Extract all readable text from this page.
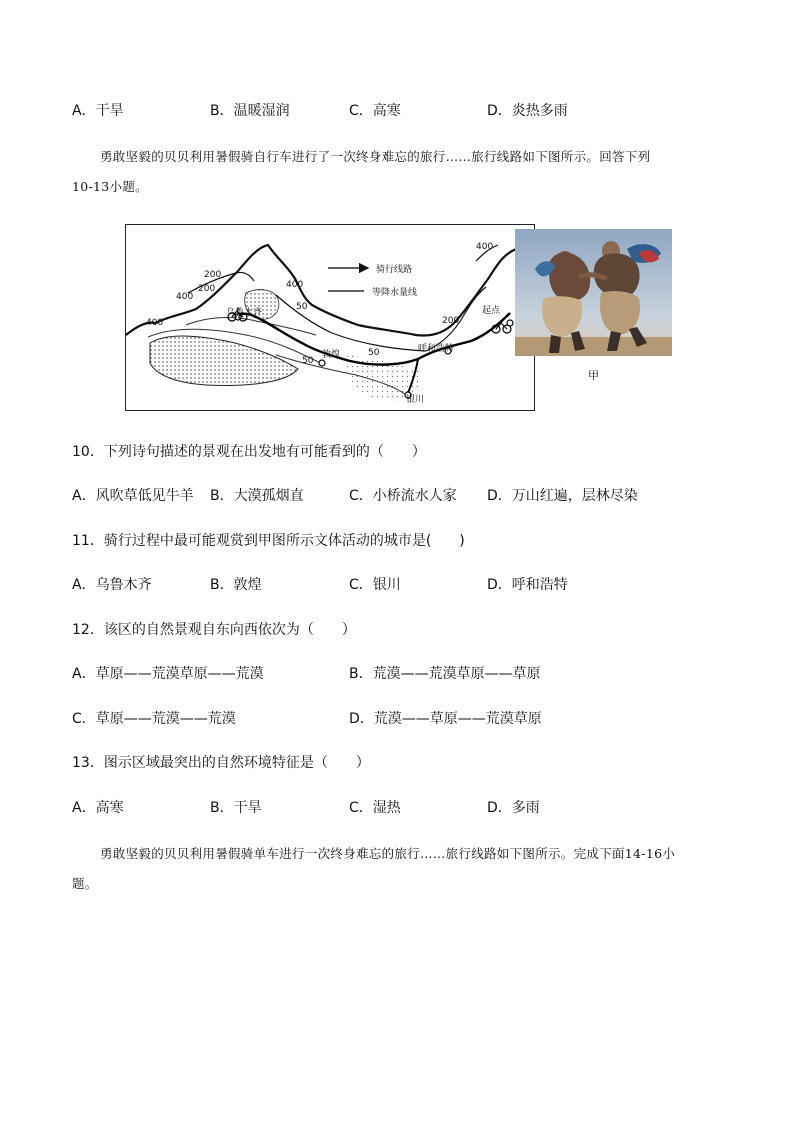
A．干旱	B．温暖湿润	C．高寒	D．炎热多雨
勇敢坚毅的贝贝利用暑假骑自行车进行了一次终身难忘的旅行……旅行线路如下图所示。回答下列
10-13小题。
骑行线路
等降水量线
乌鲁木齐
敦煌
呼和浩特
银川
起点
400
400
400
400
200
200
200
50
50
50
甲
10．下列诗句描述的景观在出发地有可能看到的（　　）
A．风吹草低见牛羊 B．大漠孤烟直	C．小桥流水人家 D．万山红遍，层林尽染
11．骑行过程中最可能观赏到甲图所示文体活动的城市是(　　)
A．乌鲁木齐	B．敦煌	C．银川	D．呼和浩特
12．该区的自然景观自东向西依次为（　　）
A．草原——荒漠草原——荒漠	B．荒漠——荒漠草原——草原
C．草原——荒漠——荒漠	D．荒漠——草原——荒漠草原
13．图示区域最突出的自然环境特征是（　　）
A．高寒	B．干旱	C．湿热	D．多雨
勇敢坚毅的贝贝利用暑假骑单车进行一次终身难忘的旅行……旅行线路如下图所示。完成下面14-16小
题。
